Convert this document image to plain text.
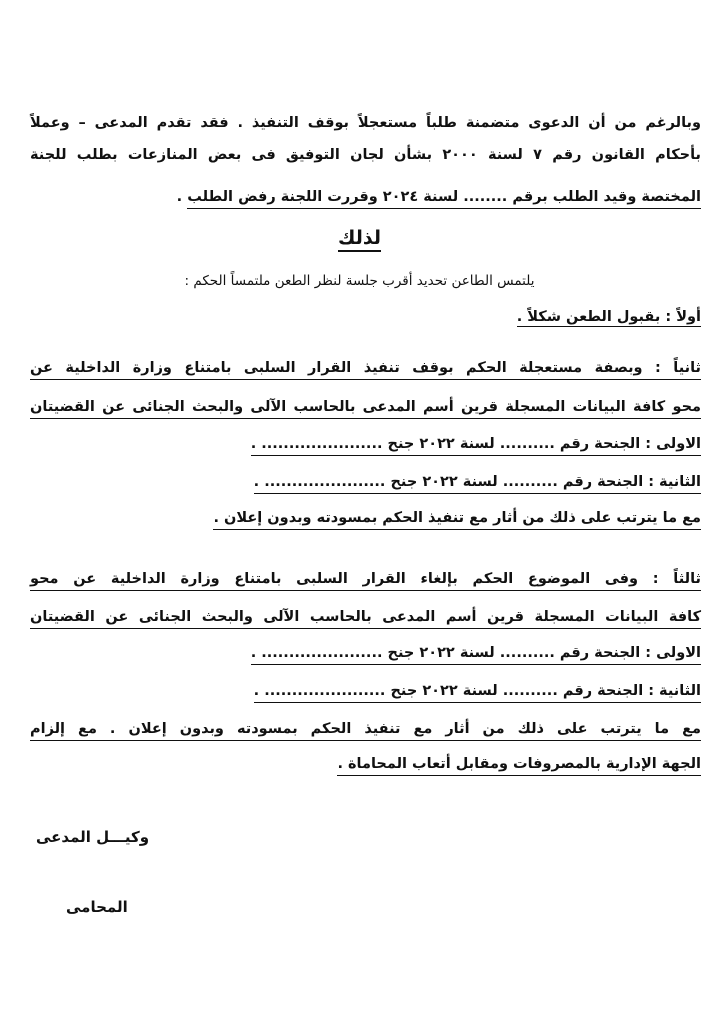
وبالرغم من أن الدعوى متضمنة طلباً مستعجلاً بوقف التنفيذ . فقد تقدم المدعى – وعملاً
بأحكام القانون رقم ٧ لسنة ٢٠٠٠ بشأن لجان التوفيق فى بعض المنازعات بطلب للجنة
المختصة وقيد الطلب برقم ........ لسنة ٢٠٢٤ وقررت اللجنة رفض الطلب .
لذلك
يلتمس الطاعن تحديد أقرب جلسة لنظر الطعن ملتمساً الحكم :
أولاً : بقبول الطعن شكلاً .
ثانياً : وبصفة مستعجلة الحكم بوقف تنفيذ القرار السلبى بامتناع وزارة الداخلية عن
محو كافة البيانات المسجلة قرين أسم المدعى بالحاسب الآلى والبحث الجنائى عن القضيتان
الاولى : الجنحة رقم .......... لسنة ٢٠٢٢ جنح ...................... .
الثانية : الجنحة رقم .......... لسنة ٢٠٢٢ جنح ...................... .
مع ما يترتب على ذلك من أثار مع تنفيذ الحكم بمسودته وبدون إعلان .
ثالثاً : وفى الموضوع الحكم بإلغاء القرار السلبى بامتناع وزارة الداخلية عن محو
كافة البيانات المسجلة قرين أسم المدعى بالحاسب الآلى والبحث الجنائى عن القضيتان
الاولى : الجنحة رقم .......... لسنة ٢٠٢٢ جنح ...................... .
الثانية : الجنحة رقم .......... لسنة ٢٠٢٢ جنح ...................... .
مع ما يترتب على ذلك من أثار مع تنفيذ الحكم بمسودته وبدون إعلان . مع إلزام
الجهة الإدارية بالمصروفات ومقابل أتعاب المحاماة .
وكيـــل المدعى
المحامى
